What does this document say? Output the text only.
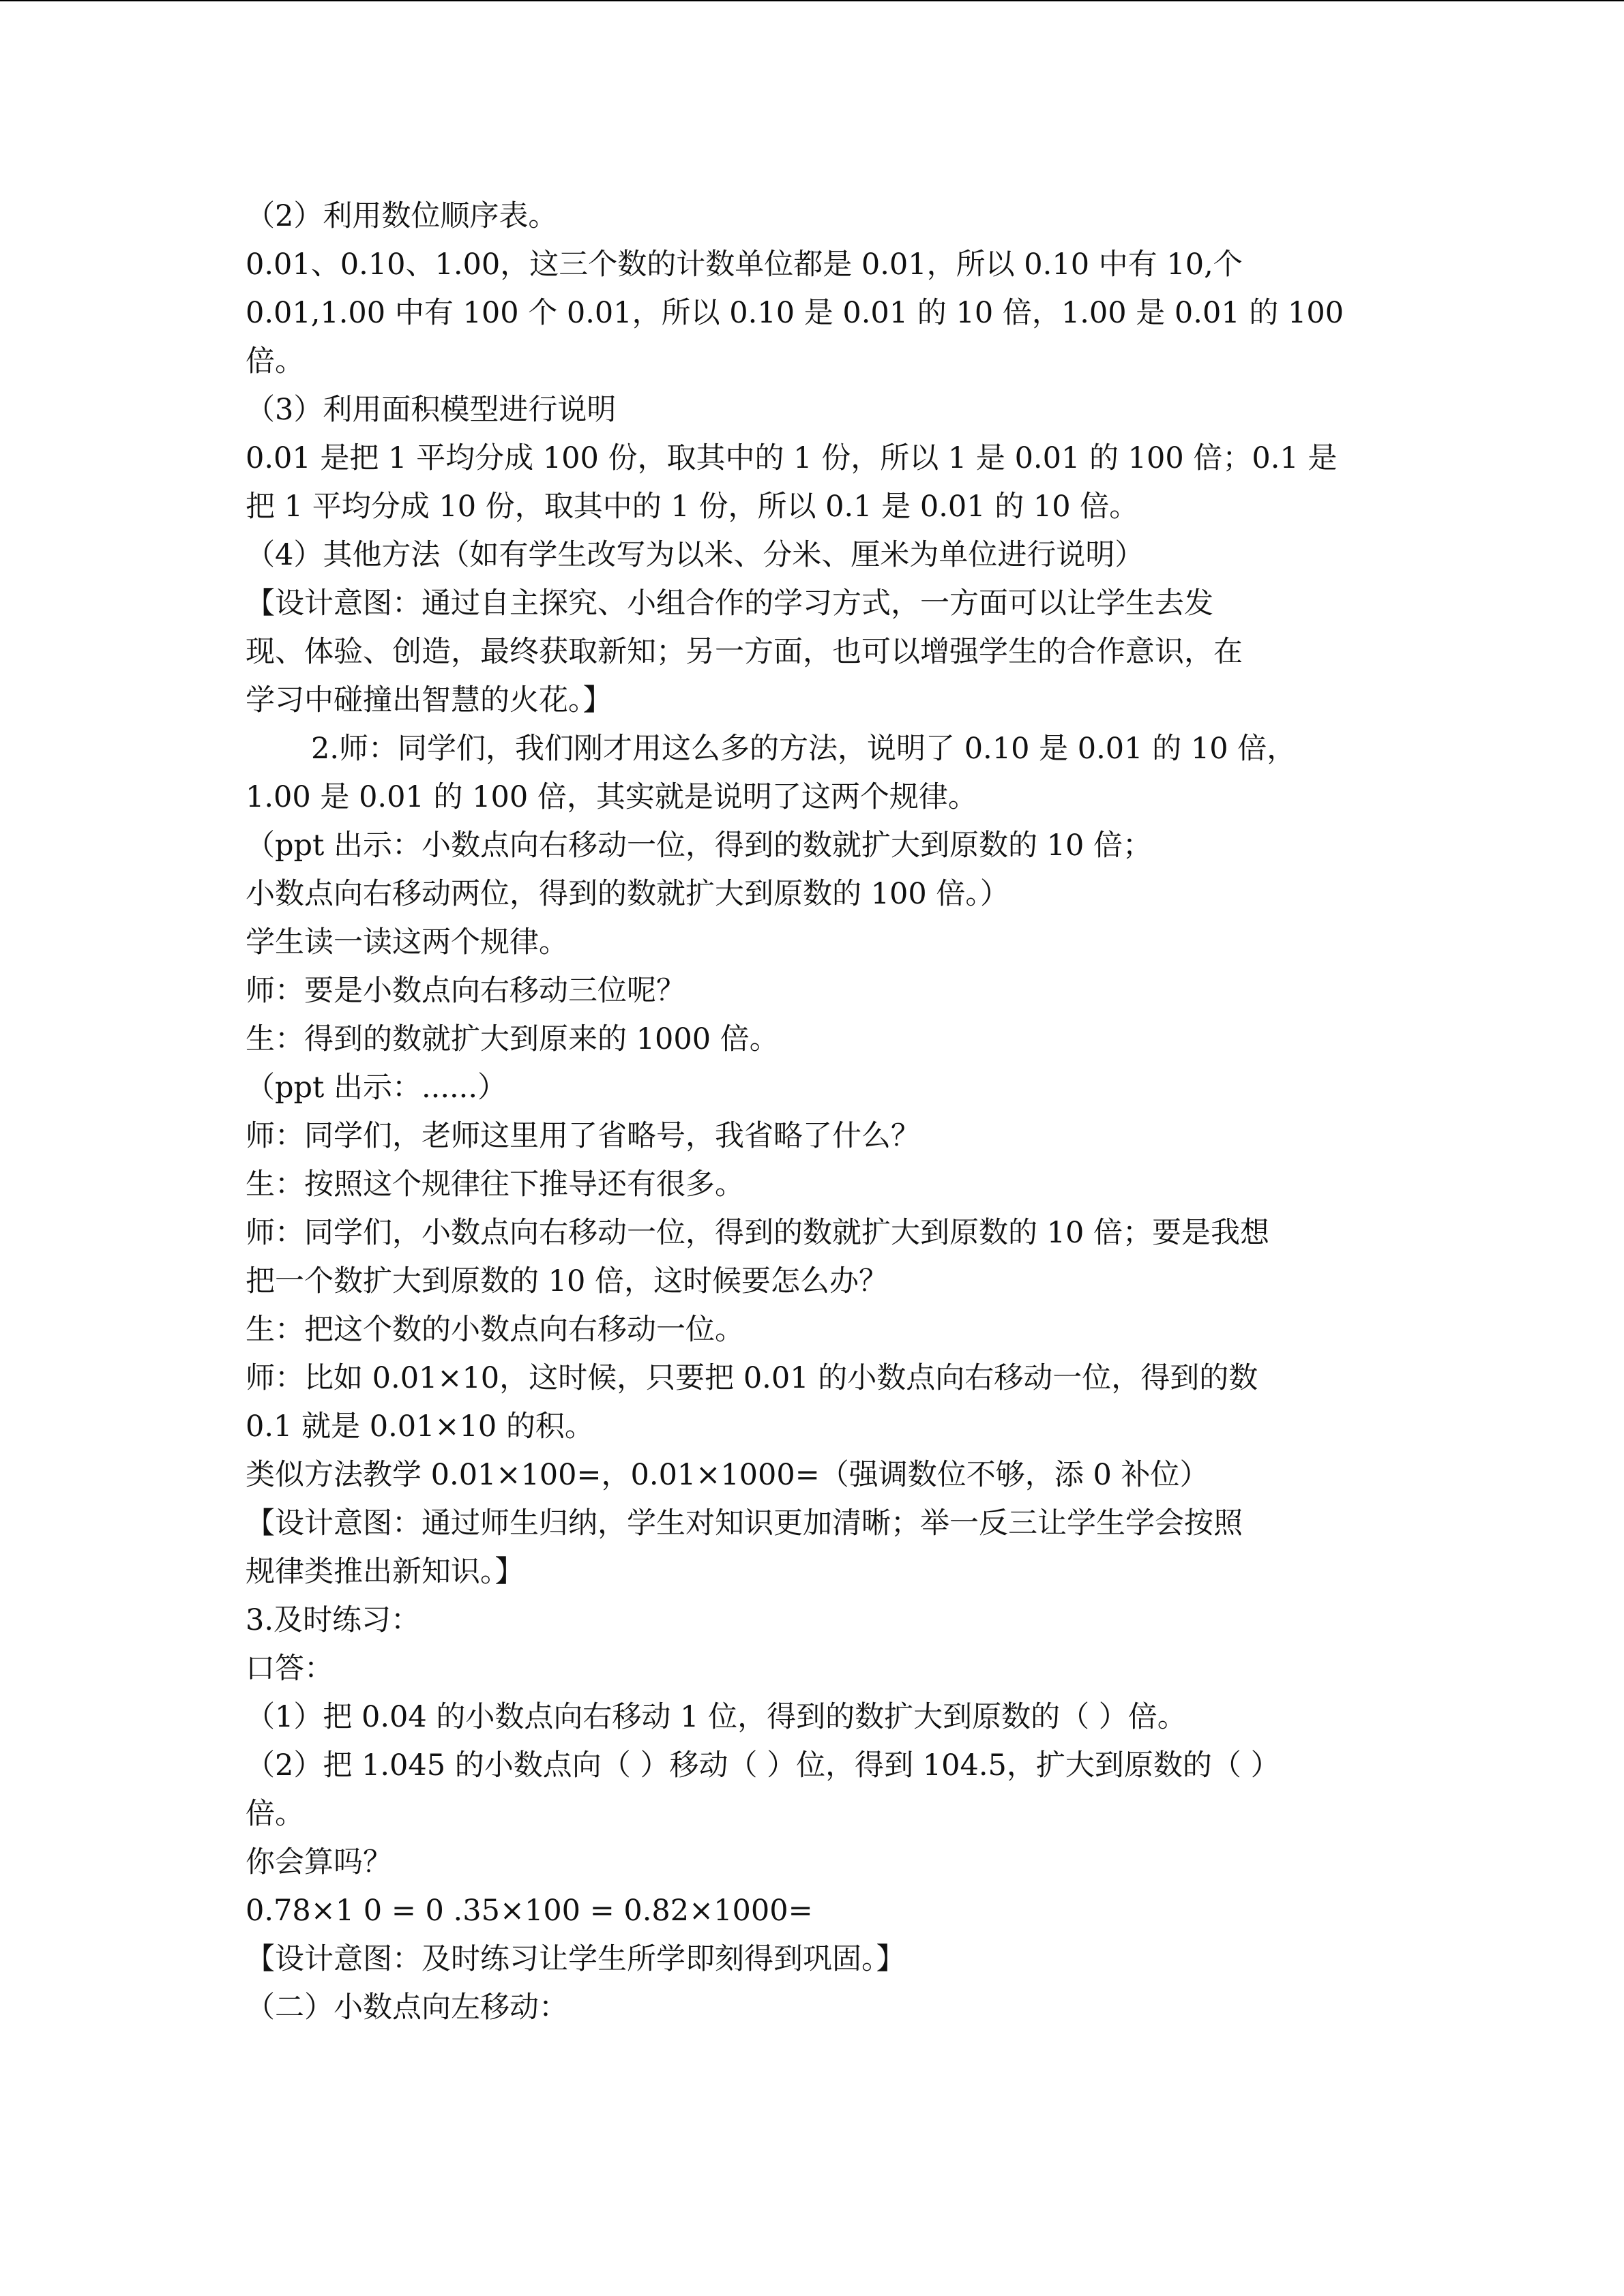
（2）利用数位顺序表。
0.01、0.10、1.00，这三个数的计数单位都是 0.01，所以 0.10 中有 10,个
0.01,1.00 中有 100 个 0.01，所以 0.10 是 0.01 的 10 倍，1.00 是 0.01 的 100
倍。
（3）利用面积模型进行说明
0.01 是把 1 平均分成 100 份，取其中的 1 份，所以 1 是 0.01 的 100 倍；0.1 是
把 1 平均分成 10 份，取其中的 1 份，所以 0.1 是 0.01 的 10 倍。
（4）其他方法（如有学生改写为以米、分米、厘米为单位进行说明）
【设计意图：通过自主探究、小组合作的学习方式，一方面可以让学生去发
现、体验、创造，最终获取新知；另一方面，也可以增强学生的合作意识，在
学习中碰撞出智慧的火花。】
2.师：同学们，我们刚才用这么多的方法，说明了 0.10 是 0.01 的 10 倍，
1.00 是 0.01 的 100 倍，其实就是说明了这两个规律。
（ppt 出示：小数点向右移动一位，得到的数就扩大到原数的 10 倍；
小数点向右移动两位，得到的数就扩大到原数的 100 倍。）
学生读一读这两个规律。
师：要是小数点向右移动三位呢？
生：得到的数就扩大到原来的 1000 倍。
（ppt 出示：......）
师：同学们，老师这里用了省略号，我省略了什么？
生：按照这个规律往下推导还有很多。
师：同学们，小数点向右移动一位，得到的数就扩大到原数的 10 倍；要是我想
把一个数扩大到原数的 10 倍，这时候要怎么办？
生：把这个数的小数点向右移动一位。
师：比如 0.01×10，这时候，只要把 0.01 的小数点向右移动一位，得到的数
0.1 就是 0.01×10 的积。
类似方法教学 0.01×100=，0.01×1000=（强调数位不够，添 0 补位）
【设计意图：通过师生归纳，学生对知识更加清晰；举一反三让学生学会按照
规律类推出新知识。】
3.及时练习：
口答：
（1）把 0.04 的小数点向右移动 1 位，得到的数扩大到原数的（ ）倍。
（2）把 1.045 的小数点向（ ）移动（ ）位，得到 104.5，扩大到原数的（ ）
倍。
你会算吗？
0.78×1 0 = 0 .35×100 = 0.82×1000=
【设计意图：及时练习让学生所学即刻得到巩固。】
（二）小数点向左移动：
